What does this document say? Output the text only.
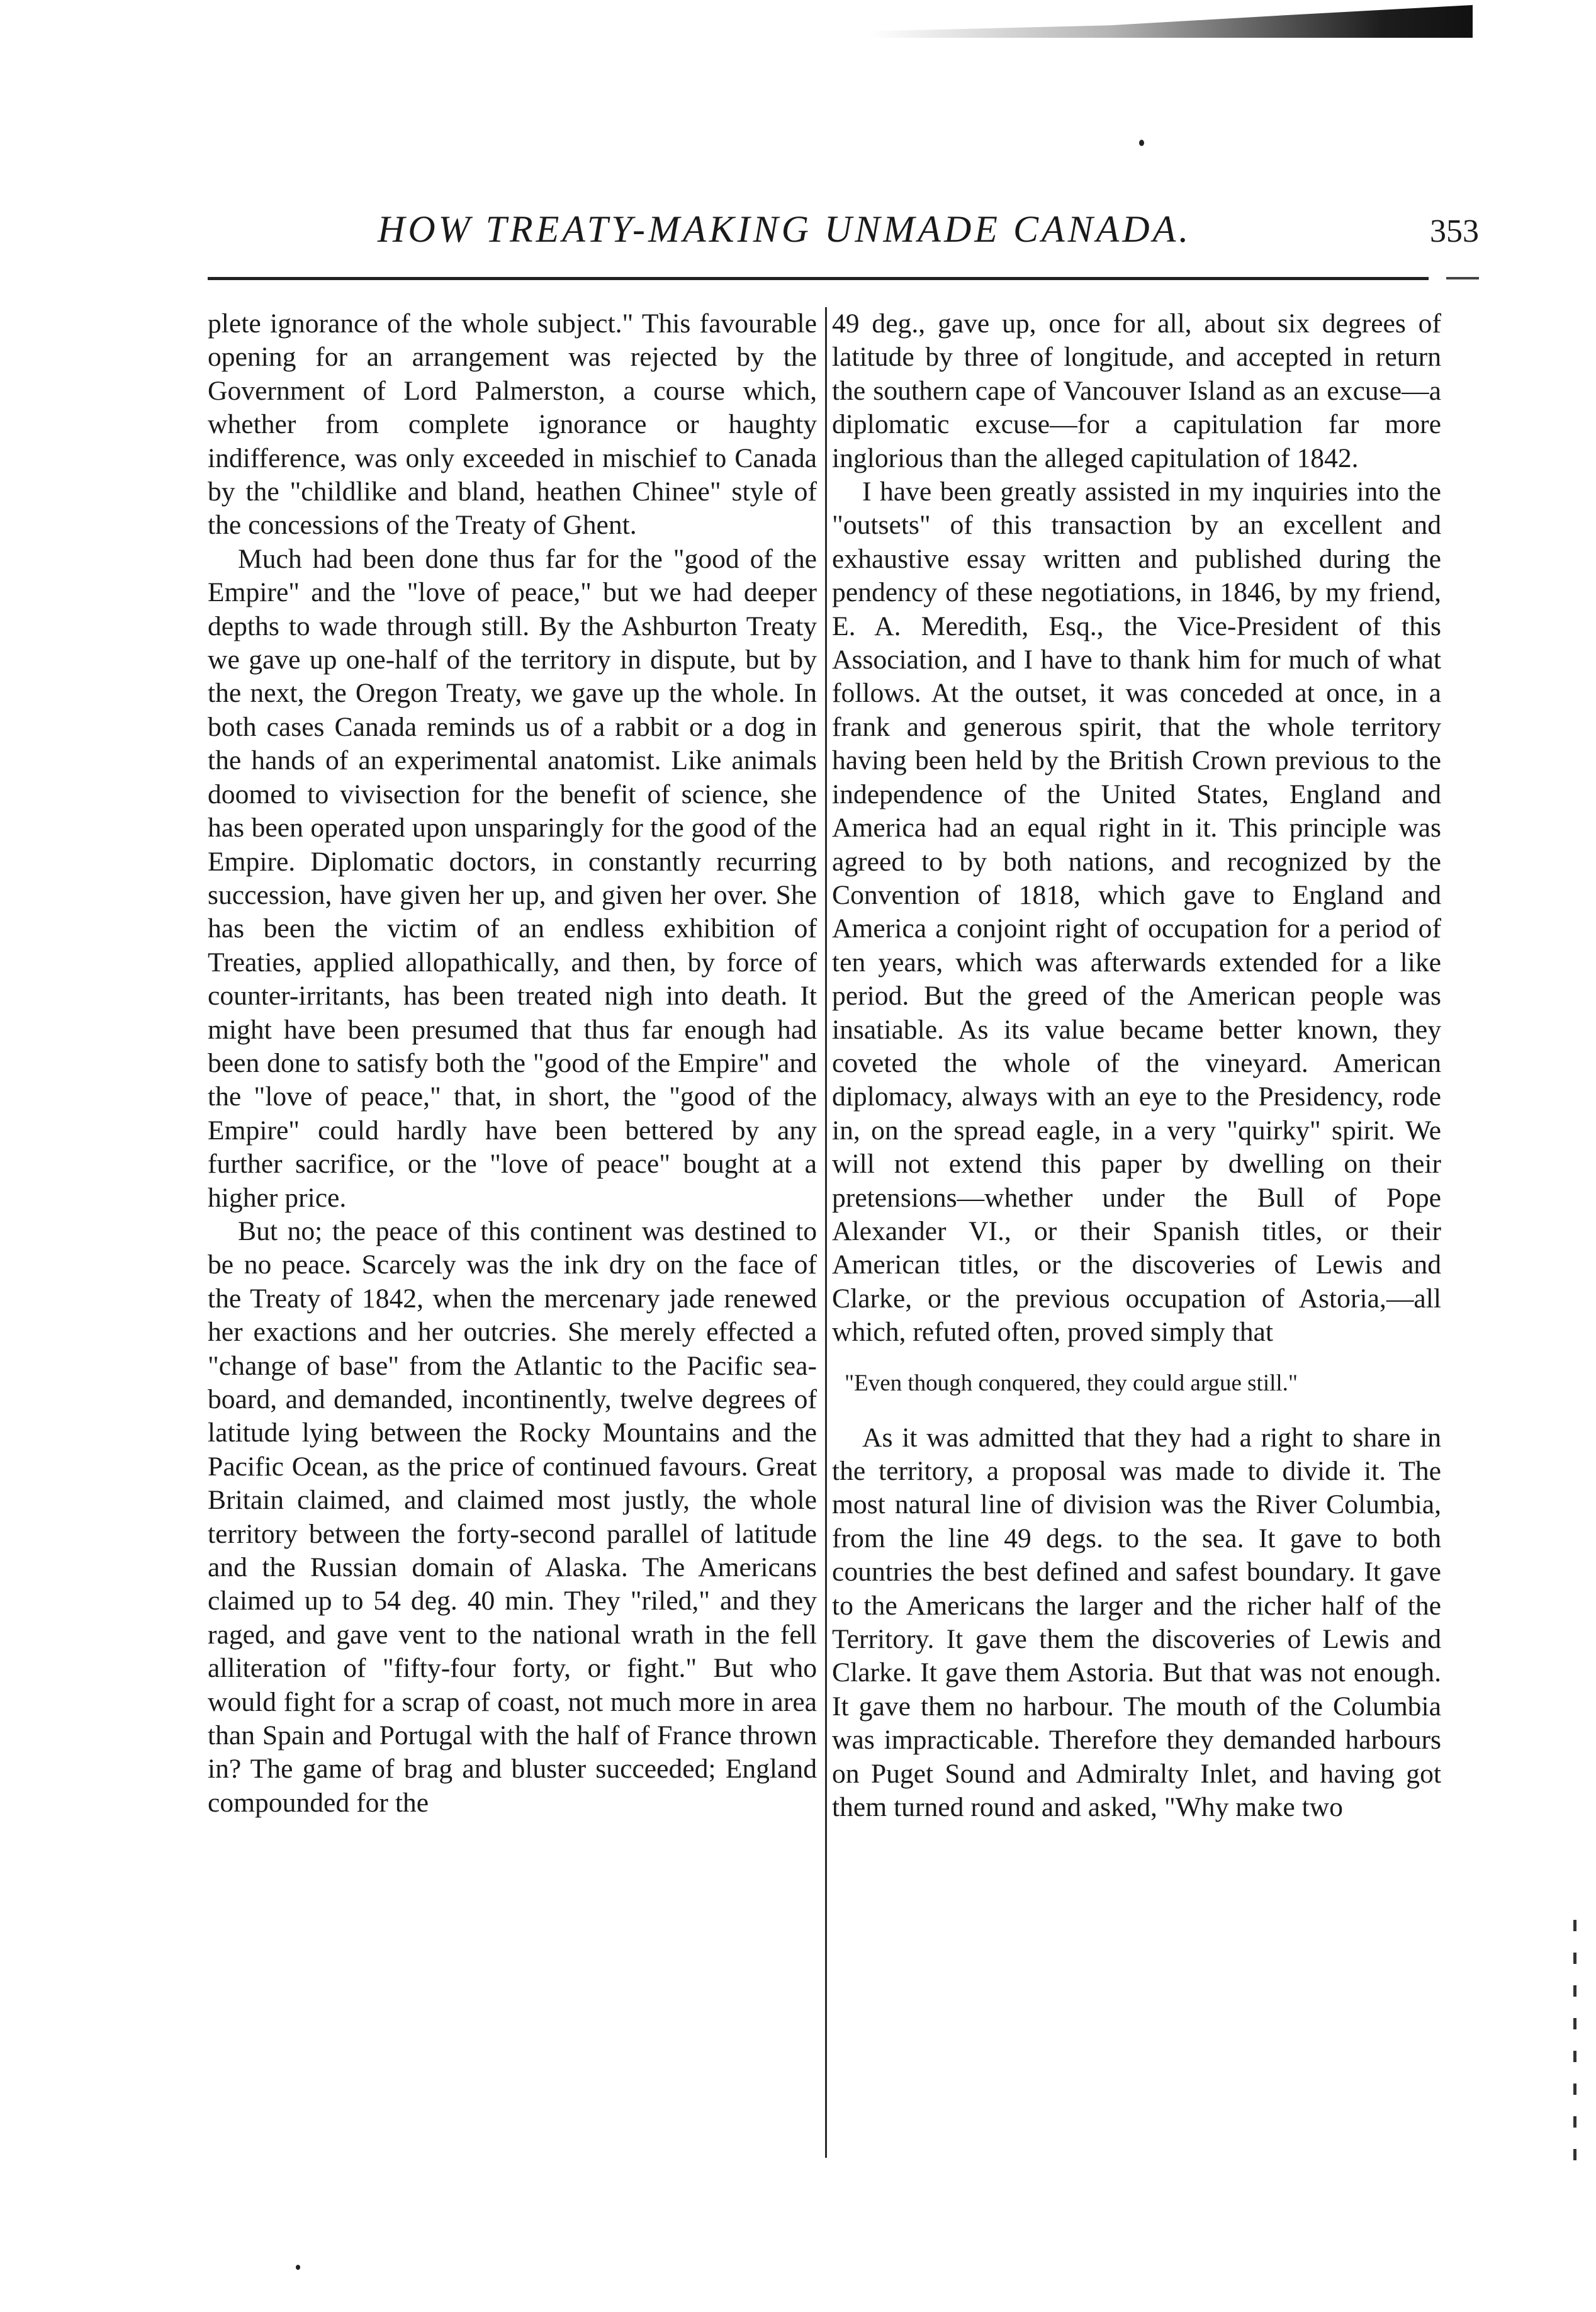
HOW TREATY-MAKING UNMADE CANADA.	353

plete ignorance of the whole subject." This favourable opening for an arrangement was rejected by the Government of Lord Palmerston, a course which, whether from complete ignorance or haughty indifference, was only exceeded in mischief to Canada by the "childlike and bland, heathen Chinee" style of the concessions of the Treaty of Ghent.

Much had been done thus far for the "good of the Empire" and the "love of peace," but we had deeper depths to wade through still. By the Ashburton Treaty we gave up one-half of the territory in dispute, but by the next, the Oregon Treaty, we gave up the whole. In both cases Canada reminds us of a rabbit or a dog in the hands of an experimental anatomist. Like animals doomed to vivisection for the benefit of science, she has been operated upon unsparingly for the good of the Empire. Diplomatic doctors, in constantly recurring succession, have given her up, and given her over. She has been the victim of an endless exhibition of Treaties, applied allopathically, and then, by force of counter-irritants, has been treated nigh into death. It might have been presumed that thus far enough had been done to satisfy both the "good of the Empire" and the "love of peace," that, in short, the "good of the Empire" could hardly have been bettered by any further sacrifice, or the "love of peace" bought at a higher price.

But no; the peace of this continent was destined to be no peace. Scarcely was the ink dry on the face of the Treaty of 1842, when the mercenary jade renewed her exactions and her outcries. She merely effected a "change of base" from the Atlantic to the Pacific sea-board, and demanded, incontinently, twelve degrees of latitude lying between the Rocky Mountains and the Pacific Ocean, as the price of continued favours. Great Britain claimed, and claimed most justly, the whole territory between the forty-second parallel of latitude and the Russian domain of Alaska. The Americans claimed up to 54 deg. 40 min. They "riled," and they raged, and gave vent to the national wrath in the fell alliteration of "fifty-four forty, or fight." But who would fight for a scrap of coast, not much more in area than Spain and Portugal with the half of France thrown in? The game of brag and bluster succeeded; England compounded for the

49 deg., gave up, once for all, about six degrees of latitude by three of longitude, and accepted in return the southern cape of Vancouver Island as an excuse—a diplomatic excuse—for a capitulation far more inglorious than the alleged capitulation of 1842.

I have been greatly assisted in my inquiries into the "outsets" of this transaction by an excellent and exhaustive essay written and published during the pendency of these negotiations, in 1846, by my friend, E. A. Meredith, Esq., the Vice-President of this Association, and I have to thank him for much of what follows. At the outset, it was conceded at once, in a frank and generous spirit, that the whole territory having been held by the British Crown previous to the independence of the United States, England and America had an equal right in it. This principle was agreed to by both nations, and recognized by the Convention of 1818, which gave to England and America a conjoint right of occupation for a period of ten years, which was afterwards extended for a like period. But the greed of the American people was insatiable. As its value became better known, they coveted the whole of the vineyard. American diplomacy, always with an eye to the Presidency, rode in, on the spread eagle, in a very "quirky" spirit. We will not extend this paper by dwelling on their pretensions—whether under the Bull of Pope Alexander VI., or their Spanish titles, or their American titles, or the discoveries of Lewis and Clarke, or the previous occupation of Astoria,—all which, refuted often, proved simply that

"Even though conquered, they could argue still."

As it was admitted that they had a right to share in the territory, a proposal was made to divide it. The most natural line of division was the River Columbia, from the line 49 degs. to the sea. It gave to both countries the best defined and safest boundary. It gave to the Americans the larger and the richer half of the Territory. It gave them the discoveries of Lewis and Clarke. It gave them Astoria. But that was not enough. It gave them no harbour. The mouth of the Columbia was impracticable. Therefore they demanded harbours on Puget Sound and Admiralty Inlet, and having got them turned round and asked, "Why make two
